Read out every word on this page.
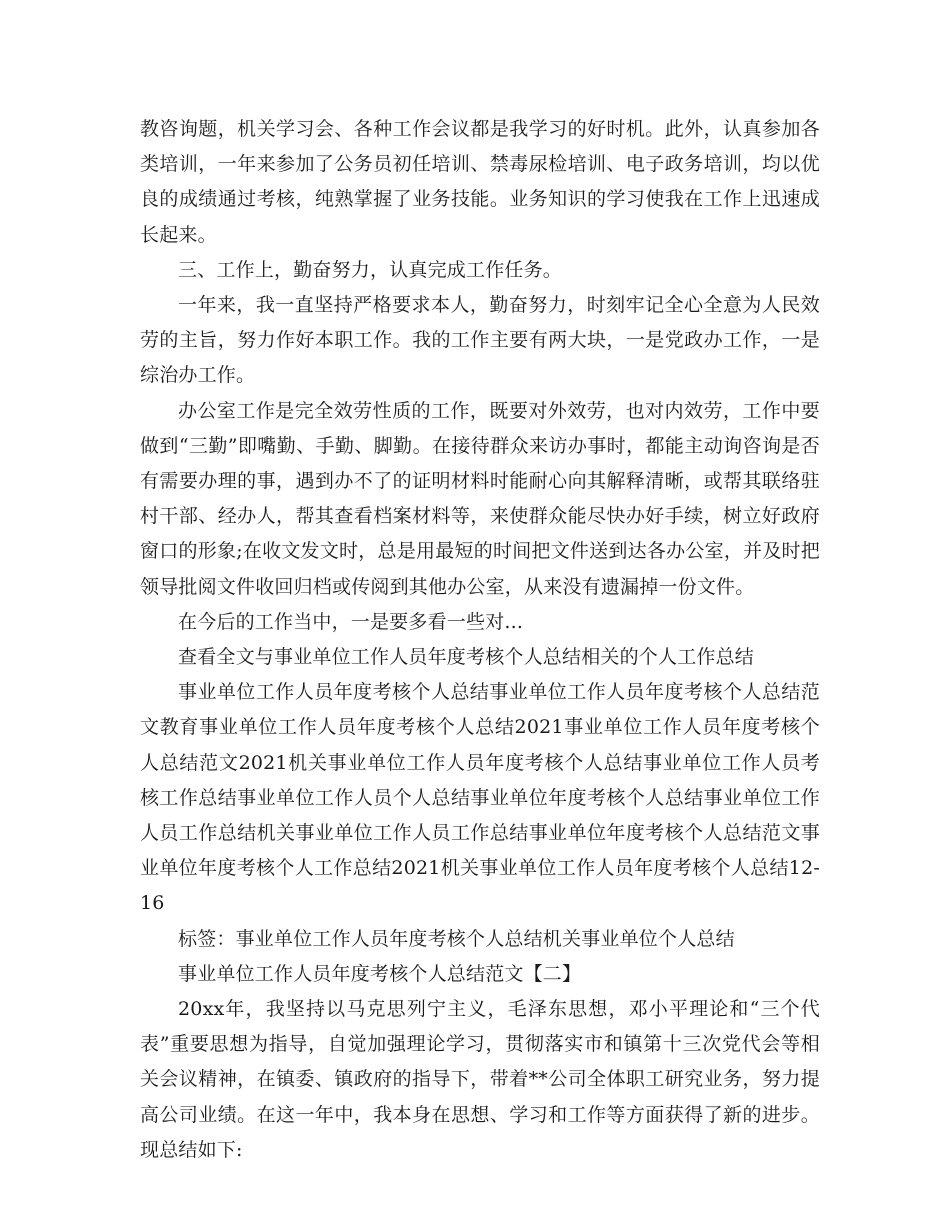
教咨询题，机关学习会、各种工作会议都是我学习的好时机。此外，认真参加各类培训，一年来参加了公务员初任培训、禁毒尿检培训、电子政务培训，均以优良的成绩通过考核，纯熟掌握了业务技能。业务知识的学习使我在工作上迅速成长起来。

三、工作上，勤奋努力，认真完成工作任务。

一年来，我一直坚持严格要求本人，勤奋努力，时刻牢记全心全意为人民效劳的主旨，努力作好本职工作。我的工作主要有两大块，一是党政办工作，一是综治办工作。

办公室工作是完全效劳性质的工作，既要对外效劳，也对内效劳，工作中要做到“三勤”即嘴勤、手勤、脚勤。在接待群众来访办事时，都能主动询咨询是否有需要办理的事，遇到办不了的证明材料时能耐心向其解释清晰，或帮其联络驻村干部、经办人，帮其查看档案材料等，来使群众能尽快办好手续，树立好政府窗口的形象;在收文发文时，总是用最短的时间把文件送到达各办公室，并及时把领导批阅文件收回归档或传阅到其他办公室，从来没有遗漏掉一份文件。

在今后的工作当中，一是要多看一些对...

查看全文与事业单位工作人员年度考核个人总结相关的个人工作总结

事业单位工作人员年度考核个人总结事业单位工作人员年度考核个人总结范文教育事业单位工作人员年度考核个人总结2021事业单位工作人员年度考核个人总结范文2021机关事业单位工作人员年度考核个人总结事业单位工作人员考核工作总结事业单位工作人员个人总结事业单位年度考核个人总结事业单位工作人员工作总结机关事业单位工作人员工作总结事业单位年度考核个人总结范文事业单位年度考核个人工作总结2021机关事业单位工作人员年度考核个人总结12-16

标签：事业单位工作人员年度考核个人总结机关事业单位个人总结

事业单位工作人员年度考核个人总结范文【二】

20xx年，我坚持以马克思列宁主义，毛泽东思想，邓小平理论和“三个代表”重要思想为指导，自觉加强理论学习，贯彻落实市和镇第十三次党代会等相关会议精神，在镇委、镇政府的指导下，带着**公司全体职工研究业务，努力提高公司业绩。在这一年中，我本身在思想、学习和工作等方面获得了新的进步。现总结如下:
